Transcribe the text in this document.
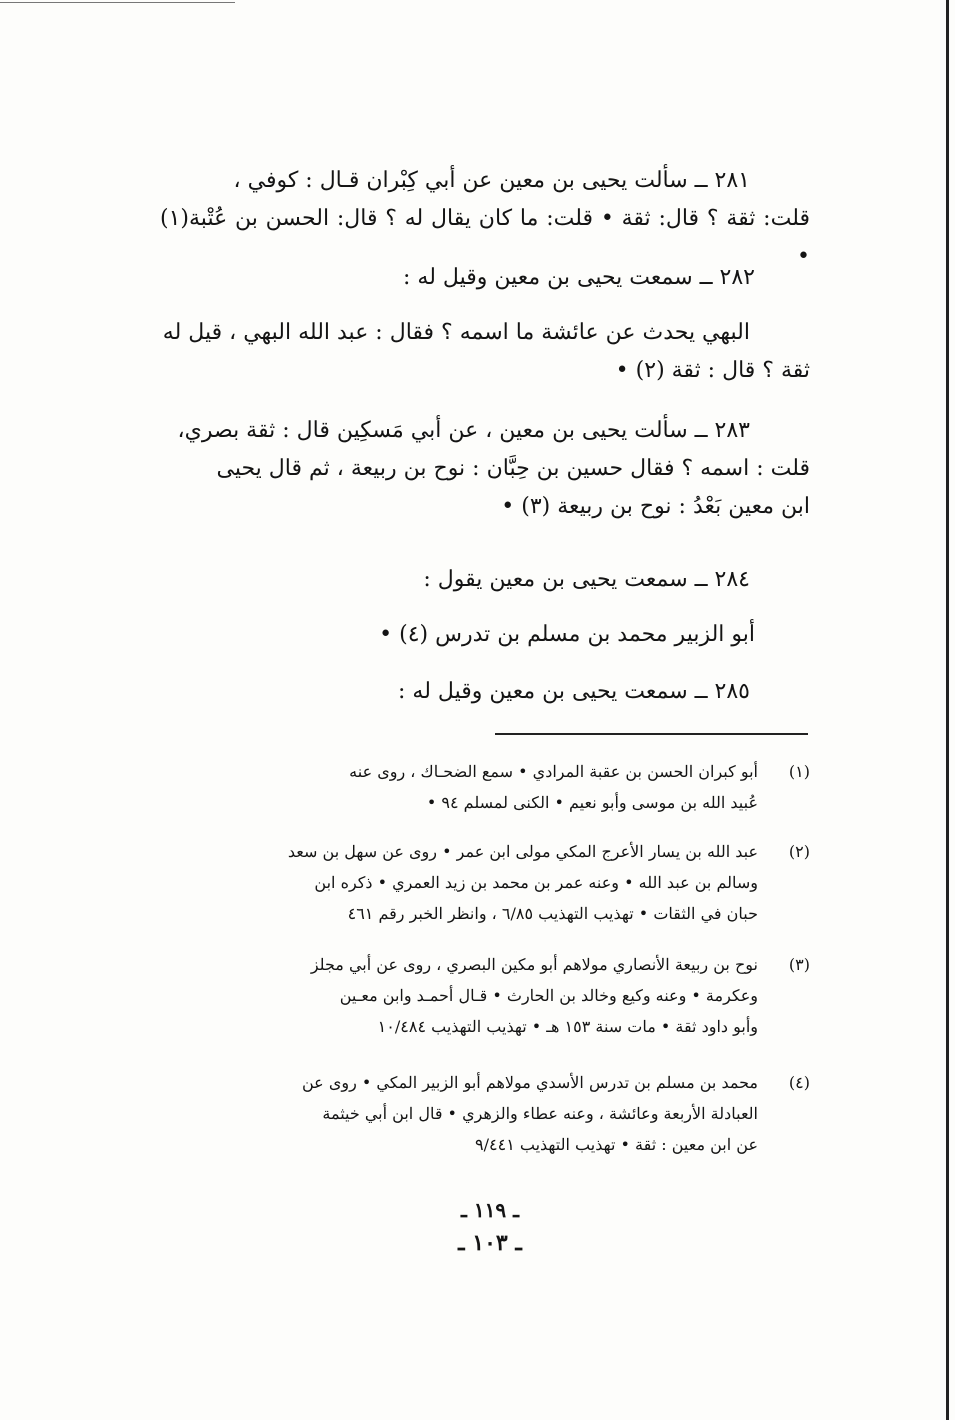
٢٨١ ــ سألت يحيى بن معين عن أبي كِبْران قـال : كوفي ،
قلت: ثقة ؟ قال: ثقة • قلت: ما كان يقال له ؟ قال: الحسن بن عُتْبة(١) •
٢٨٢ ــ سمعت يحيى بن معين وقيل له :
البهي يحدث عن عائشة ما اسمه ؟ فقال : عبد الله البهي ، قيل له
ثقة ؟ قال : ثقة (٢) •
٢٨٣ ــ سألت يحيى بن معين ، عن أبي مَسكِين قال : ثقة بصري،
قلت : اسمه ؟ فقال حسين بن حِبَّان : نوح بن ربيعة ، ثم قال يحيى
ابن معين بَعْدُ : نوح بن ربيعة (٣) •
٢٨٤ ــ سمعت يحيى بن معين يقول :
أبو الزبير محمد بن مسلم بن تدرس (٤) •
٢٨٥ ــ سمعت يحيى بن معين وقيل له :
(١)
أبو كبران الحسن بن عقبة المرادي • سمع الضحـاك ، روى عنه
عُبيد الله بن موسى وأبو نعيم • الكنى لمسلم ٩٤ •
(٢)
عبد الله بن يسار الأعرج المكي مولى ابن عمر • روى عن سهل بن سعد
وسالم بن عبد الله • وعنه عمر بن محمد بن زيد العمري • ذكره ابن
حبان في الثقات • تهذيب التهذيب ٦/٨٥ ، وانظر الخبر رقم ٤٦١
(٣)
نوح بن ربيعة الأنصاري مولاهم أبو مكين البصري ، روى عن أبي مجلز
وعكرمة • وعنه وكيع وخالد بن الحارث • قـال أحمـد وابن معـين
وأبو داود ثقة • مات سنة ١٥٣ هـ • تهذيب التهذيب ١٠/٤٨٤
(٤)
محمد بن مسلم بن تدرس الأسدي مولاهم أبو الزبير المكي • روى عن
العبادلة الأربعة وعائشة ، وعنه عطاء والزهري • قال ابن أبي خيثمة
عن ابن معين : ثقة • تهذيب التهذيب ٩/٤٤١
ـ ١١٩ ـ
ـ ١٠٣ ـ
